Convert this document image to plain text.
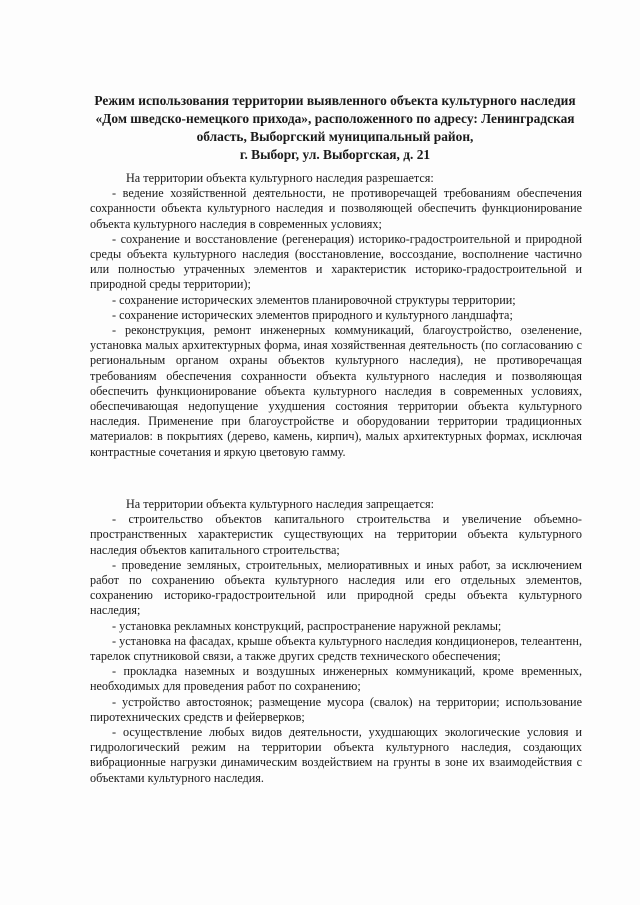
Режим использования территории выявленного объекта культурного наследия
«Дом шведско-немецкого прихода», расположенного по адресу: Ленинградская
область, Выборгский муниципальный район,
г. Выборг, ул. Выборгская, д. 21

На территории объекта культурного наследия разрешается:

- ведение хозяйственной деятельности, не противоречащей требованиям обеспечения сохранности объекта культурного наследия и позволяющей обеспечить функционирование объекта культурного наследия в современных условиях;

- сохранение и восстановление (регенерация) историко-градостроительной и природной среды объекта культурного наследия (восстановление, воссоздание, восполнение частично или полностью утраченных элементов и характеристик историко-градостроительной и природной среды территории);

- сохранение исторических элементов планировочной структуры территории;

- сохранение исторических элементов природного и культурного ландшафта;

- реконструкция, ремонт инженерных коммуникаций, благоустройство, озеленение, установка малых архитектурных форма, иная хозяйственная деятельность (по согласованию с региональным органом охраны объектов культурного наследия), не противоречащая требованиям обеспечения сохранности объекта культурного наследия и позволяющая обеспечить функционирование объекта культурного наследия в современных условиях, обеспечивающая недопущение ухудшения состояния территории объекта культурного наследия. Применение при благоустройстве и оборудовании территории традиционных материалов: в покрытиях (дерево, камень, кирпич), малых архитектурных формах, исключая контрастные сочетания и яркую цветовую гамму.

На территории объекта культурного наследия запрещается:

- строительство объектов капитального строительства и увеличение объемно-пространственных характеристик существующих на территории объекта культурного наследия объектов капитального строительства;

- проведение земляных, строительных, мелиоративных и иных работ, за исключением работ по сохранению объекта культурного наследия или его отдельных элементов, сохранению историко-градостроительной или природной среды объекта культурного наследия;

- установка рекламных конструкций, распространение наружной рекламы;

- установка на фасадах, крыше объекта культурного наследия кондиционеров, телеантенн, тарелок спутниковой связи, а также других средств технического обеспечения;

- прокладка наземных и воздушных инженерных коммуникаций, кроме временных, необходимых для проведения работ по сохранению;

- устройство автостоянок; размещение мусора (свалок) на территории; использование пиротехнических средств и фейерверков;

- осуществление любых видов деятельности, ухудшающих экологические условия и гидрологический режим на территории объекта культурного наследия, создающих вибрационные нагрузки динамическим воздействием на грунты в зоне их взаимодействия с объектами культурного наследия.
